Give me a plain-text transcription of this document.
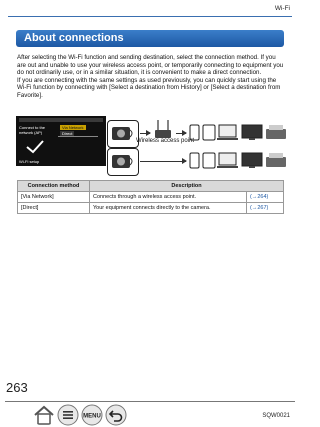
Wi-Fi
About connections

After selecting the Wi-Fi function and sending destination, select the connection method. If you are out and unable to use your wireless access point, or temporarily connecting to equipment you do not ordinarily use, or in a similar situation, it is convenient to make a direct connection.

If you are connecting with the same settings as used previously, you can quickly start using the Wi-Fi function by connecting with [Select a destination from History] or [Select a destination from Favorite].

Connect to the
network (AP)
Via Network
Direct
Wi-Fi setup
Wireless access point
Connection method	Description	
[Via Network]	Connects through a wireless access point.	(→264)
[Direct]	Your equipment connects directly to the camera.	(→267)
263
MENU	SQW0021
